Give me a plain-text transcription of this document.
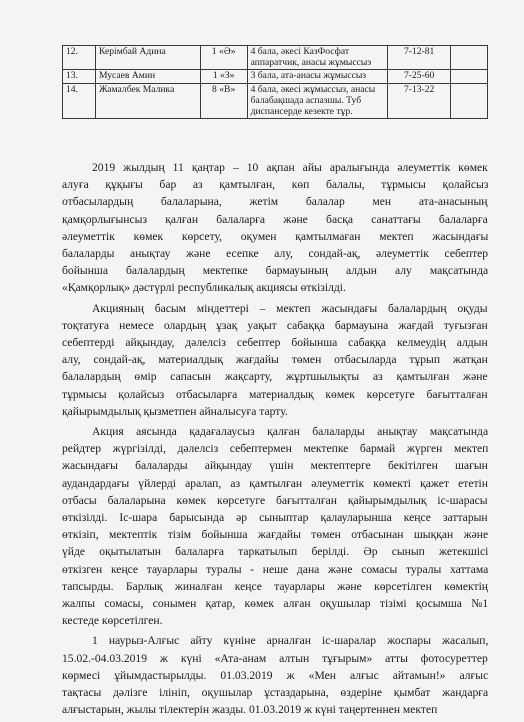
12.	Керімбай Адина	1 «Ә»	4 бала, әкесі КазФосфат аппаратчик, анасы жұмыссыз	7-12-81	
13.	Мусаев Амин	1 «З»	3 бала, ата-анасы жұмыссыз	7-25-60	
14.	Жамалбек Малика	8 «В»	4 бала, әкесі жұмыссыз, анасы балабақшада аспазшы. Туб диспансерде кезекте тұр.	7-13-22	

2019 жылдың 11 қаңтар – 10 ақпан айы аралығында әлеуметтік көмек
алуға құқығы бар аз қамтылған, көп балалы, тұрмысы қолайсыз
отбасылардың балаларына, жетім балалар мен ата-анасының
қамқорлығынсыз қалған балаларға және басқа санаттағы балаларға
әлеуметтік көмек көрсету, оқумен қамтылмаған мектеп жасындағы
балаларды анықтау және есепке алу, сондай-ақ, әлеуметтік себептер
бойынша балалардың мектепке бармауының алдын алу мақсатында
«Қамқорлық» дәстүрлі республикалық акциясы өткізілді.

Акцияның басым міндеттері – мектеп жасындағы балалардың оқуды
тоқтатуға немесе олардың ұзақ уақыт сабаққа бармауына жағдай туғызған
себептерді айқындау, дәлелсіз себептер бойынша сабаққа келмеудің алдын
алу, сондай-ақ, материалдық жағдайы төмен отбасыларда тұрып жатқан
балалардың өмір сапасын жақсарту, жұртшылықты аз қамтылған және
тұрмысы қолайсыз отбасыларға материалдық көмек көрсетуге бағытталған
қайырымдылық қызметпен айналысуға тарту.

Акция аясында қадағалаусыз қалған балаларды анықтау мақсатында
рейдтер жүргізілді, дәлелсіз себептермен мектепке бармай жүрген мектеп
жасындағы балаларды айқындау үшін мектептерге бекітілген шағын
аудандардағы үйлерді аралап, аз қамтылған әлеуметтік көмекті қажет ететін
отбасы балаларына көмек көрсетуге бағытталған қайырымдылық іс-шарасы
өткізілді. Іс-шара барысында әр сыныптар қалауларынша кеңсе заттарын
өткізіп, мектептік тізім бойынша жағдайы төмен отбасынан шыққан және
үйде оқытылатын балаларға таркатылып берілді. Әр сынып жетекшісі
өткізген кеңсе тауарлары туралы - неше дана және сомасы туралы хаттама
тапсырды. Барлық жиналған кеңсе тауарлары және көрсетілген көмектің
жалпы сомасы, сонымен қатар, көмек алған оқушылар тізімі қосымша №1
кестеде көрсетілген.

1 наурыз-Алғыс айту күніне арналған іс-шаралар жоспары жасалып,
15.02.-04.03.2019 ж күні «Ата-анам алтын тұғырым» атты фотосуреттер
көрмесі ұйымдастырылды. 01.03.2019 ж «Мен алғыс айтамын!» алғыс
тақтасы дәлізге ілініп, оқушылар ұстаздарына, өздеріне қымбат жандарға
алғыстарын, жылы тілектерін жазды. 01.03.2019 ж күні таңертеннен мектеп
